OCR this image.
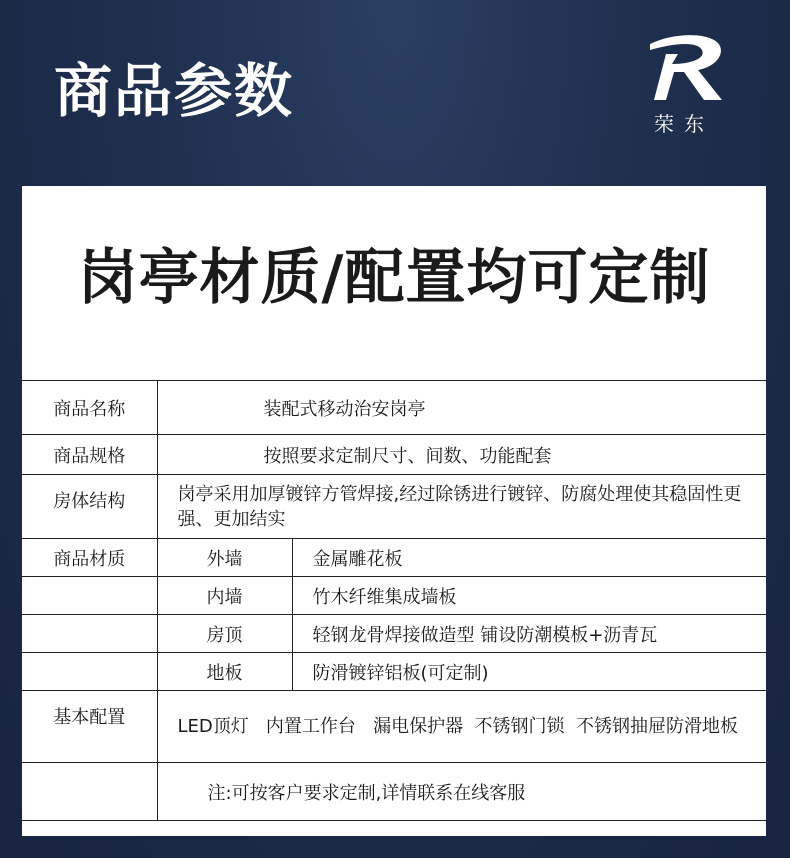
商品参数	荣东
岗亭材质/配置均可定制
商品名称	装配式移动治安岗亭	
商品规格	按照要求定制尺寸、间数、功能配套	
房体结构	岗亭采用加厚镀锌方管焊接,经过除锈进行镀锌、防腐处理使其稳固性更强、更加结实	
商品材质	外墙	金属雕花板
	内墙	竹木纤维集成墙板
	房顶	轻钢龙骨焊接做造型 铺设防潮模板+沥青瓦
	地板	防滑镀锌铝板(可定制)
基本配置	LED顶灯   内置工作台   漏电保护器  不锈钢门锁  不锈钢抽屉防滑地板	
	注:可按客户要求定制,详情联系在线客服	
